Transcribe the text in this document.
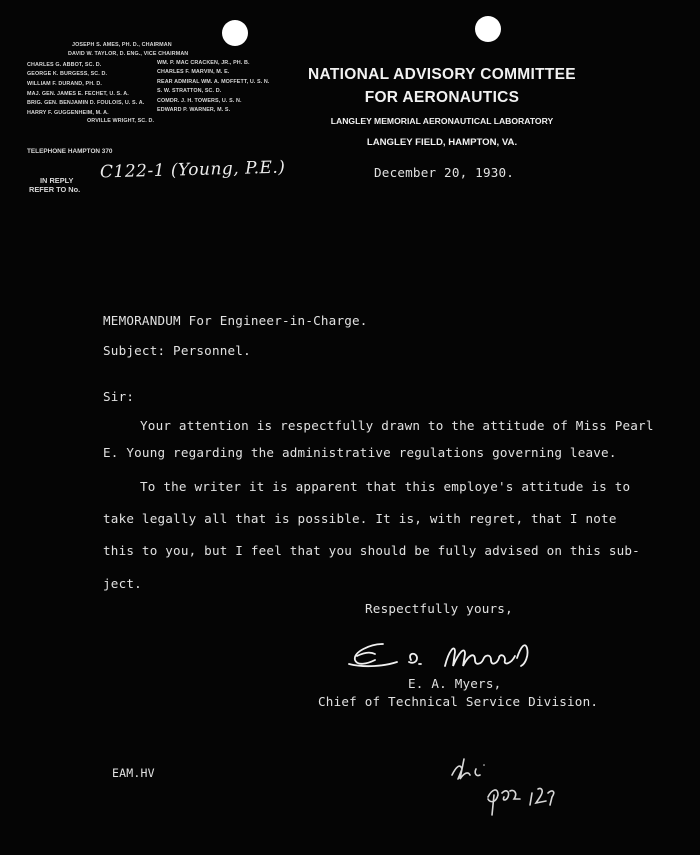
JOSEPH S. AMES, PH. D., CHAIRMAN
DAVID W. TAYLOR, D. ENG., VICE CHAIRMAN
CHARLES G. ABBOT, SC. D.	WM. P. MAC CRACKEN, JR., PH. B.
GEORGE K. BURGESS, SC. D.	CHARLES F. MARVIN, M. E.
WILLIAM F. DURAND, PH. D.	REAR ADMIRAL WM. A. MOFFETT, U. S. N.
MAJ. GEN. JAMES E. FECHET, U. S. A.	S. W. STRATTON, SC. D.
BRIG. GEN. BENJAMIN D. FOULOIS, U. S. A. COMDR. J. H. TOWERS, U. S. N.
HARRY F. GUGGENHEIM, M. A.	EDWARD P. WARNER, M. S.
ORVILLE WRIGHT, SC. D.
NATIONAL ADVISORY COMMITTEE
FOR AERONAUTICS
LANGLEY MEMORIAL AERONAUTICAL LABORATORY
LANGLEY FIELD, HAMPTON, VA.
TELEPHONE HAMPTON 370
IN REPLY
REFER TO No.
C122-1 (Young, P.E.)	December 20, 1930.
MEMORANDUM For Engineer-in-Charge.
Subject: Personnel.
Sir:
Your attention is respectfully drawn to the attitude of Miss Pearl
E. Young regarding the administrative regulations governing leave.
To the writer it is apparent that this employe's attitude is to
take legally all that is possible. It is, with regret, that I note
this to you, but I feel that you should be fully advised on this sub-
ject.
Respectfully yours,
E. A. Myers,
Chief of Technical Service Division.
EAM.HV
